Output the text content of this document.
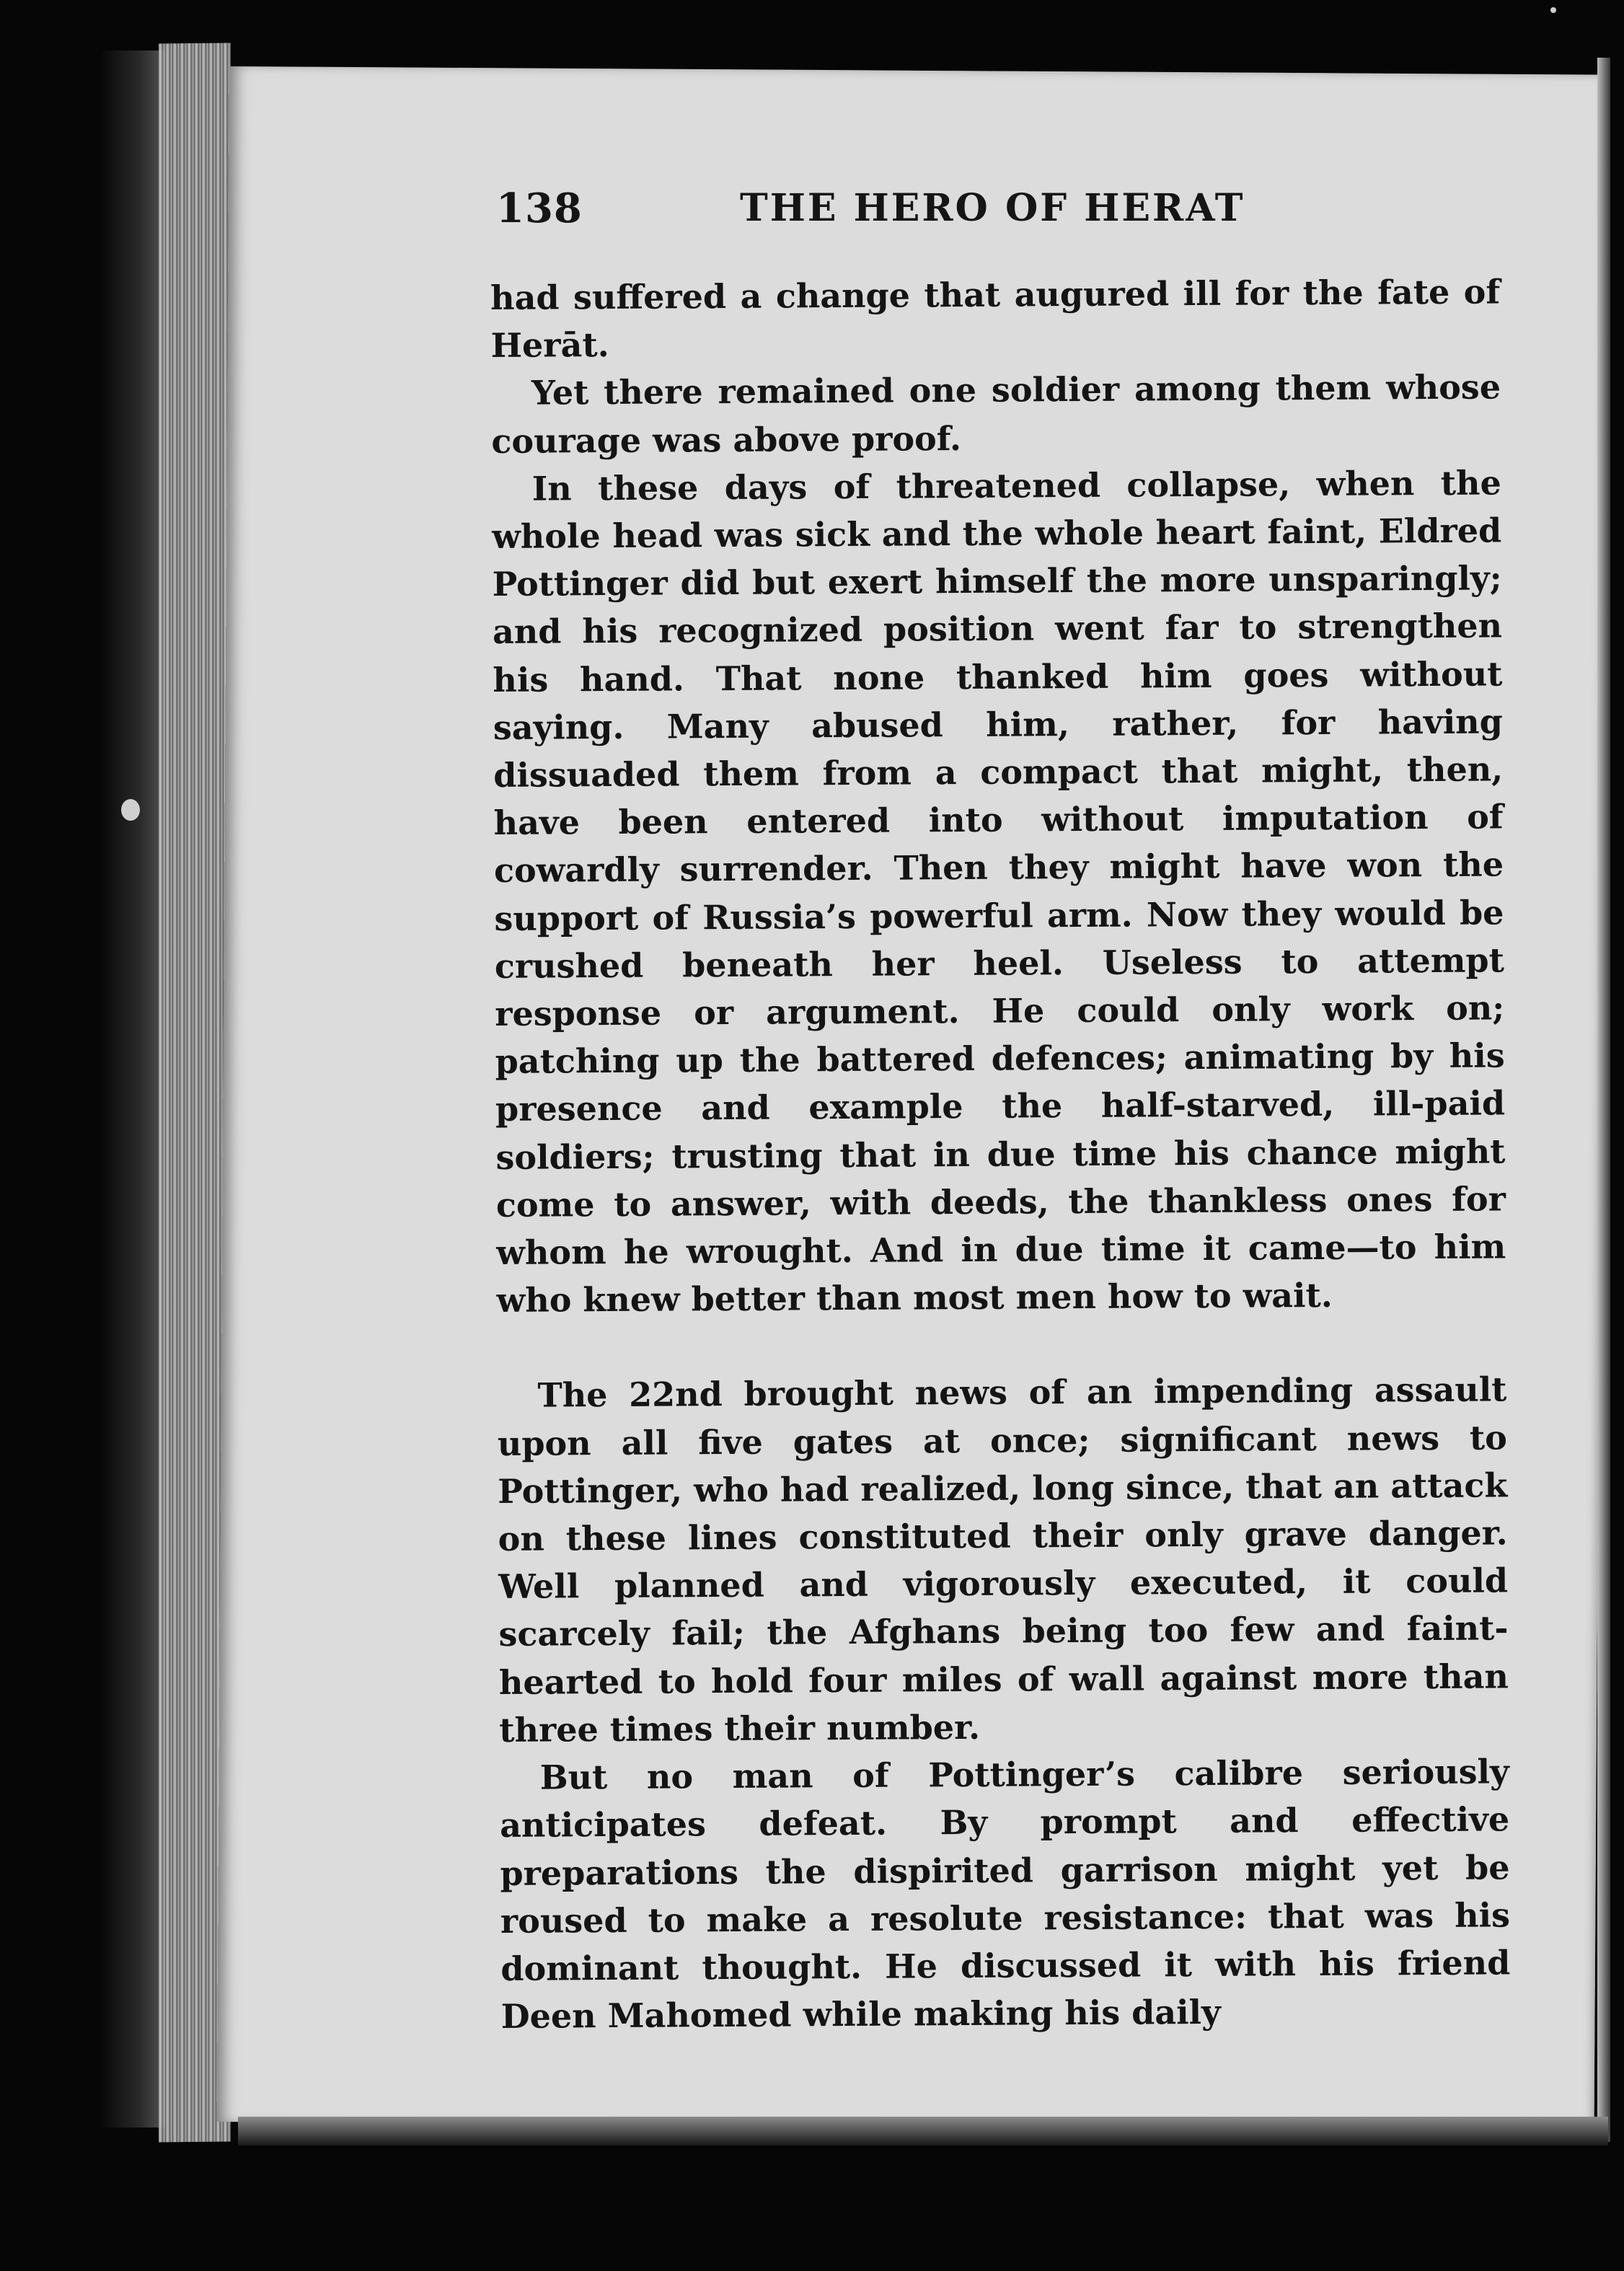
138	THE HERO OF HERAT

had suffered a change that augured ill for the fate of Herāt.

Yet there remained one soldier among them whose courage was above proof.

In these days of threatened collapse, when the whole head was sick and the whole heart faint, Eldred Pottinger did but exert himself the more unsparingly; and his recognized position went far to strengthen his hand. That none thanked him goes without saying. Many abused him, rather, for having dissuaded them from a compact that might, then, have been entered into without imputation of cowardly surrender. Then they might have won the support of Russia’s powerful arm. Now they would be crushed beneath her heel. Useless to attempt response or argument. He could only work on; patching up the battered defences; animating by his presence and example the half-starved, ill-paid soldiers; trusting that in due time his chance might come to answer, with deeds, the thankless ones for whom he wrought. And in due time it came—to him who knew better than most men how to wait.

The 22nd brought news of an impending assault upon all five gates at once; significant news to Pottinger, who had realized, long since, that an attack on these lines constituted their only grave danger. Well planned and vigorously executed, it could scarcely fail; the Afghans being too few and faint-hearted to hold four miles of wall against more than three times their number.

But no man of Pottinger’s calibre seriously anticipates defeat. By prompt and effective preparations the dispirited garrison might yet be roused to make a resolute resistance: that was his dominant thought. He discussed it with his friend Deen Mahomed while making his daily
